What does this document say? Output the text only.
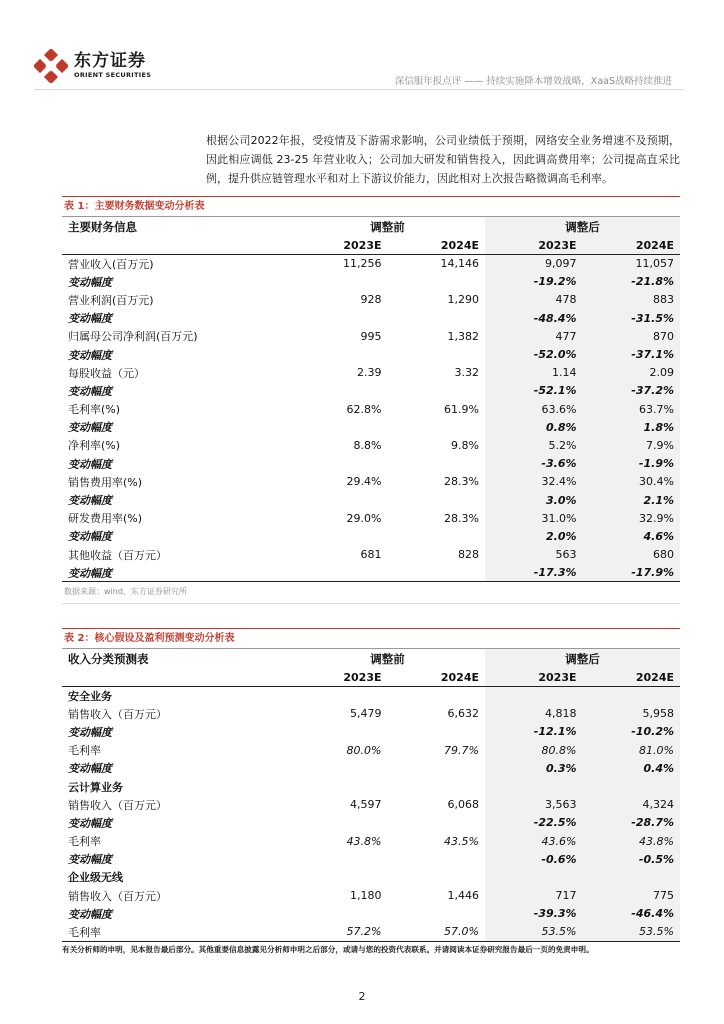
东方证券
ORIENT SECURITIES
深信服年报点评 —— 持续实施降本增效战略，XaaS战略持续推进

根据公司2022年报，受疫情及下游需求影响，公司业绩低于预期，网络安全业务增速不及预期，因此相应调低 23-25 年营业收入；公司加大研发和销售投入，因此调高费用率；公司提高直采比例，提升供应链管理水平和对上下游议价能力，因此相对上次报告略微调高毛利率。

表 1：主要财务数据变动分析表
主要财务信息	调整前		调整后	
	2023E	2024E	2023E	2024E
营业收入(百万元)	11,256	14,146	9,097	11,057
变动幅度			-19.2%	-21.8%
营业利润(百万元)	928	1,290	478	883
变动幅度			-48.4%	-31.5%
归属母公司净利润(百万元)	995	1,382	477	870
变动幅度			-52.0%	-37.1%
每股收益（元）	2.39	3.32	1.14	2.09
变动幅度			-52.1%	-37.2%
毛利率(%)	62.8%	61.9%	63.6%	63.7%
变动幅度			0.8%	1.8%
净利率(%)	8.8%	9.8%	5.2%	7.9%
变动幅度			-3.6%	-1.9%
销售费用率(%)	29.4%	28.3%	32.4%	30.4%
变动幅度			3.0%	2.1%
研发费用率(%)	29.0%	28.3%	31.0%	32.9%
变动幅度			2.0%	4.6%
其他收益（百万元）	681	828	563	680
变动幅度			-17.3%	-17.9%
数据来源：wind、东方证券研究所
表 2：核心假设及盈利预测变动分析表
收入分类预测表	调整前		调整后	
	2023E	2024E	2023E	2024E
安全业务				
销售收入（百万元）	5,479	6,632	4,818	5,958
变动幅度			-12.1%	-10.2%
毛利率	80.0%	79.7%	80.8%	81.0%
变动幅度			0.3%	0.4%
云计算业务				
销售收入（百万元）	4,597	6,068	3,563	4,324
变动幅度			-22.5%	-28.7%
毛利率	43.8%	43.5%	43.6%	43.8%
变动幅度			-0.6%	-0.5%
企业级无线				
销售收入（百万元）	1,180	1,446	717	775
变动幅度			-39.3%	-46.4%
毛利率	57.2%	57.0%	53.5%	53.5%
有关分析师的申明，见本报告最后部分。其他重要信息披露见分析师申明之后部分，或请与您的投资代表联系。并请阅读本证券研究报告最后一页的免责申明。
2
